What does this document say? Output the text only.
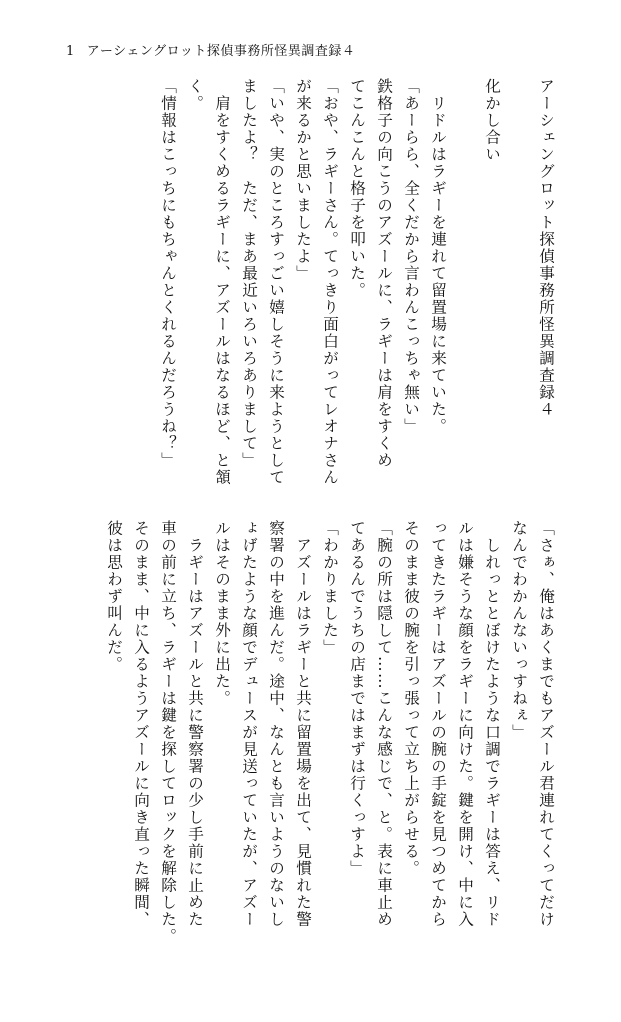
1 アーシェングロット探偵事務所怪異調査録４
アーシェングロット探偵事務所怪異調査録４

化かし合い

　リドルはラギーを連れて留置場に来ていた。
「あーらら、全くだから言わんこっちゃ無い」
鉄格子の向こうのアズールに、ラギーは肩をすくめ
てこんこんと格子を叩いた。
「おや、ラギーさん。てっきり面白がってレオナさん
が来るかと思いましたよ」
「いや、実のところすっごい嬉しそうに来ようとして
ましたよ？　ただ、まあ最近いろいろありまして」
　肩をすくめるラギーに、アズールはなるほど、と頷
く。
「情報はこっちにもちゃんとくれるんだろうね？」
「さぁ、俺はあくまでもアズール君連れてくってだけ
なんでわかんないっすねぇ」
　しれっととぼけたような口調でラギーは答え、リド
ルは嫌そうな顔をラギーに向けた。鍵を開け、中に入
ってきたラギーはアズールの腕の手錠を見つめてから
そのまま彼の腕を引っ張って立ち上がらせる。
「腕の所は隠して……こんな感じで、と。表に車止め
てあるんでうちの店まではまずは行くっすよ」
「わかりました」
　アズールはラギーと共に留置場を出て、見慣れた警
察署の中を進んだ。途中、なんとも言いようのないし
ょげたような顔でデュースが見送っていたが、アズー
ルはそのまま外に出た。
　ラギーはアズールと共に警察署の少し手前に止めた
車の前に立ち、ラギーは鍵を探してロックを解除した。
そのまま、中に入るようアズールに向き直った瞬間、
彼は思わず叫んだ。
